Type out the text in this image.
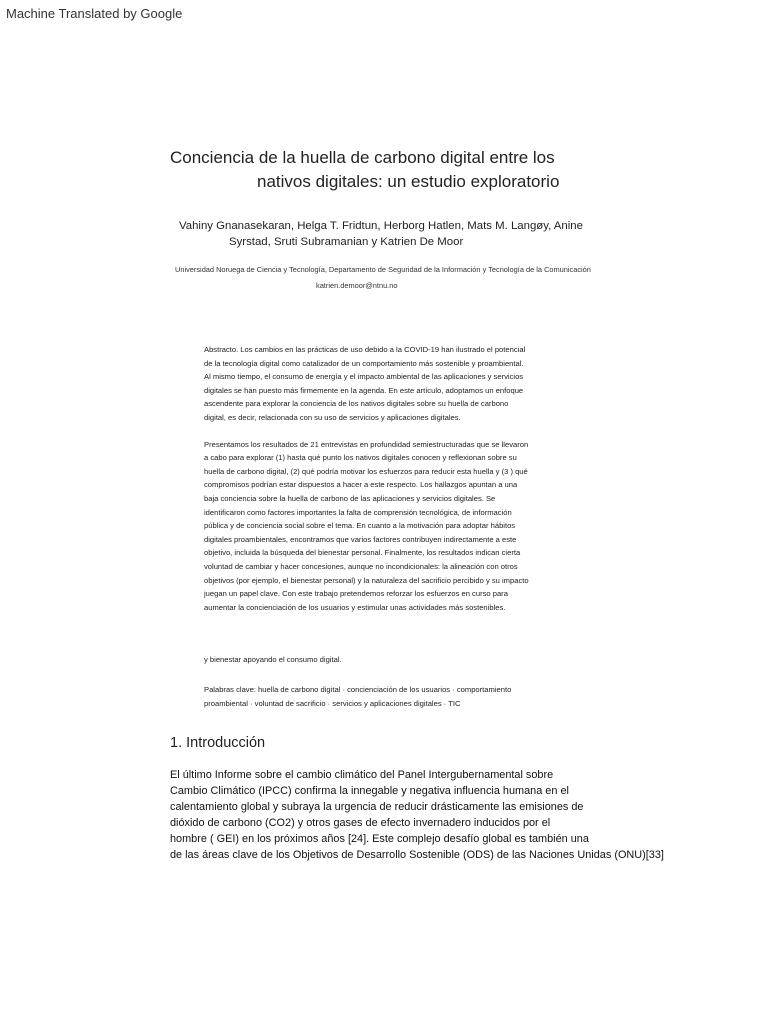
Machine Translated by Google
Conciencia de la huella de carbono digital entre los
nativos digitales: un estudio exploratorio
Vahiny Gnanasekaran, Helga T. Fridtun, Herborg Hatlen, Mats M. Langøy, Anine
Syrstad, Sruti Subramanian y Katrien De Moor
Universidad Noruega de Ciencia y Tecnología, Departamento de Seguridad de la Información y Tecnología de la Comunicación
katrien.demoor@ntnu.no

Abstracto. Los cambios en las prácticas de uso debido a la COVID-19 han ilustrado el potencial
de la tecnología digital como catalizador de un comportamiento más sostenible y proambiental.
Al mismo tiempo, el consumo de energía y el impacto ambiental de las aplicaciones y servicios
digitales se han puesto más firmemente en la agenda. En este artículo, adoptamos un enfoque
ascendente para explorar la conciencia de los nativos digitales sobre su huella de carbono
digital, es decir, relacionada con su uso de servicios y aplicaciones digitales.

Presentamos los resultados de 21 entrevistas en profundidad semiestructuradas que se llevaron
a cabo para explorar (1) hasta qué punto los nativos digitales conocen y reflexionan sobre su
huella de carbono digital, (2) qué podría motivar los esfuerzos para reducir esta huella y (3 ) qué
compromisos podrían estar dispuestos a hacer a este respecto. Los hallazgos apuntan a una
baja conciencia sobre la huella de carbono de las aplicaciones y servicios digitales. Se
identificaron como factores importantes la falta de comprensión tecnológica, de información
pública y de conciencia social sobre el tema. En cuanto a la motivación para adoptar hábitos
digitales proambientales, encontramos que varios factores contribuyen indirectamente a este
objetivo, incluida la búsqueda del bienestar personal. Finalmente, los resultados indican cierta
voluntad de cambiar y hacer concesiones, aunque no incondicionales: la alineación con otros
objetivos (por ejemplo, el bienestar personal) y la naturaleza del sacrificio percibido y su impacto
juegan un papel clave. Con este trabajo pretendemos reforzar los esfuerzos en curso para
aumentar la concienciación de los usuarios y estimular unas actividades más sostenibles.

y bienestar apoyando el consumo digital.
Palabras clave: huella de carbono digital · concienciación de los usuarios · comportamiento
proambiental · voluntad de sacrificio · servicios y aplicaciones digitales · TIC
1. Introducción
El último Informe sobre el cambio climático del Panel Intergubernamental sobre
Cambio Climático (IPCC) confirma la innegable y negativa influencia humana en el
calentamiento global y subraya la urgencia de reducir drásticamente las emisiones de
dióxido de carbono (CO2) y otros gases de efecto invernadero inducidos por el
hombre ( GEI) en los próximos años [24]. Este complejo desafío global es también una
de las áreas clave de los Objetivos de Desarrollo Sostenible (ODS) de las Naciones Unidas (ONU)[33]
